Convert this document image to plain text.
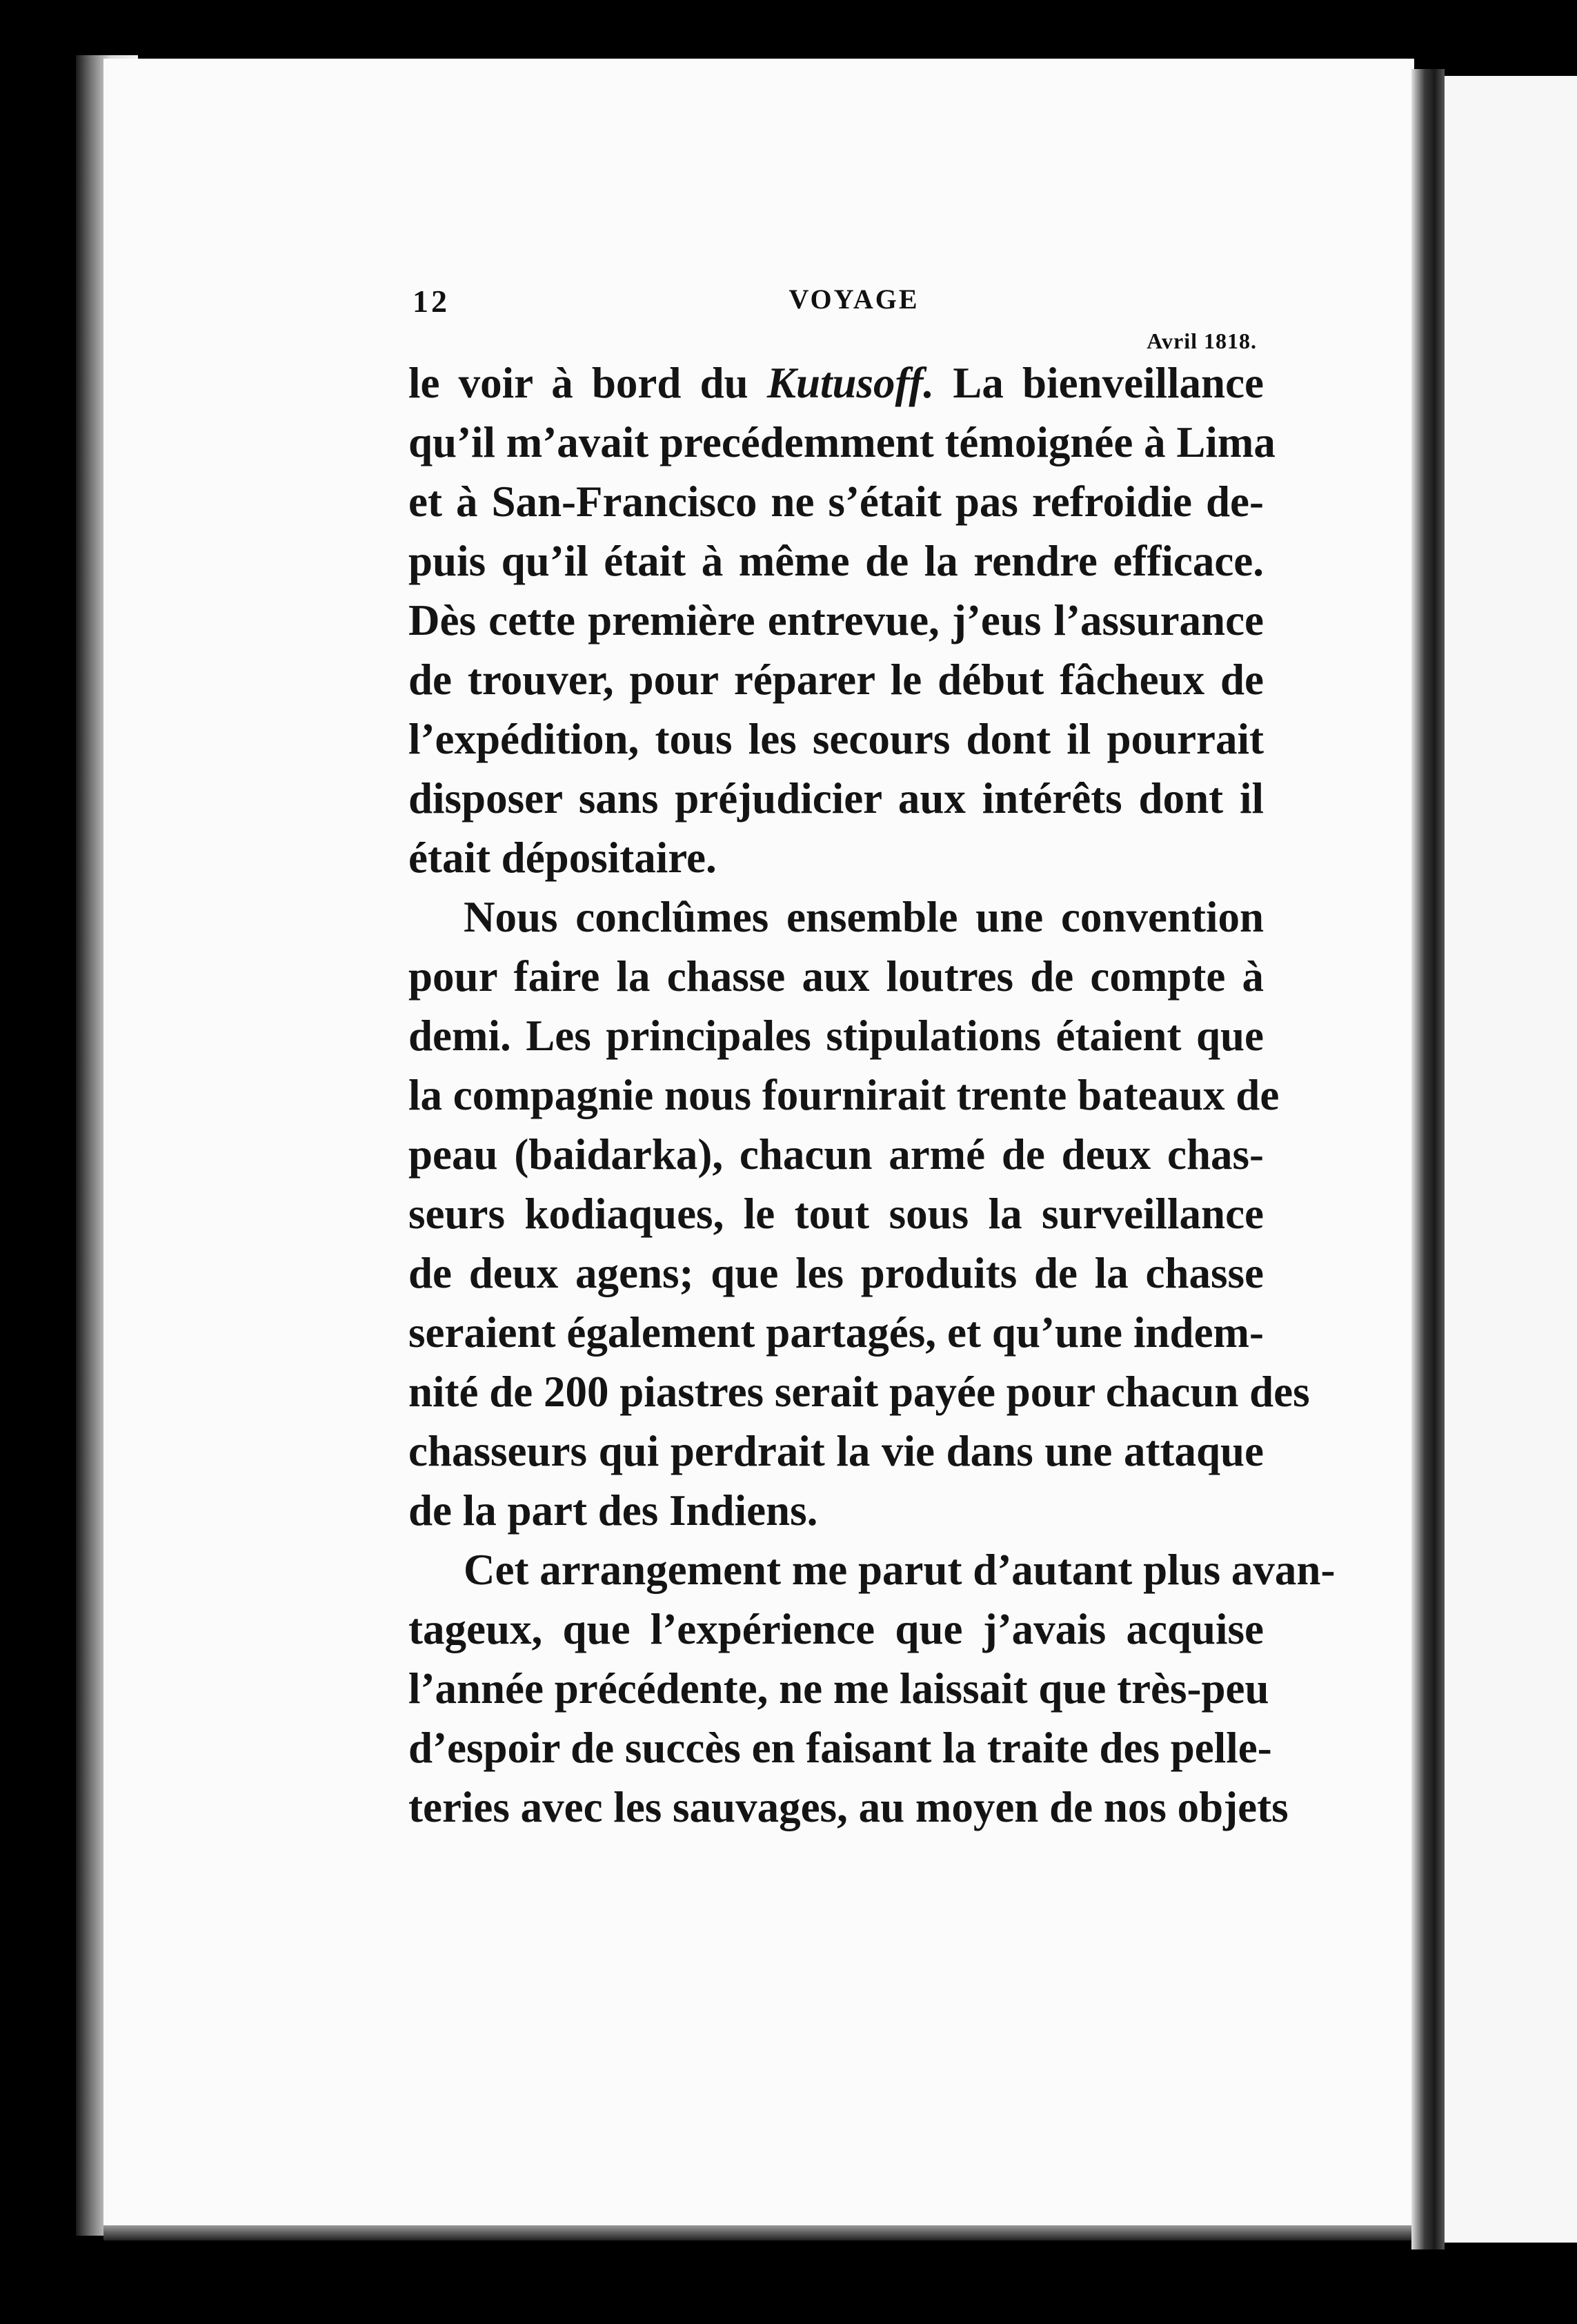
12	VOYAGE
Avril 1818.
le voir à bord du Kutusoff. La bienveillance
qu’il m’avait precédemment témoignée à Lima
et à San-Francisco ne s’était pas refroidie de-
puis qu’il était à même de la rendre efficace.
Dès cette première entrevue, j’eus l’assurance
de trouver, pour réparer le début fâcheux de
l’expédition, tous les secours dont il pourrait
disposer sans préjudicier aux intérêts dont il
était dépositaire.
Nous conclûmes ensemble une convention
pour faire la chasse aux loutres de compte à
demi. Les principales stipulations étaient que
la compagnie nous fournirait trente bateaux de
peau (baidarka), chacun armé de deux chas-
seurs kodiaques, le tout sous la surveillance
de deux agens; que les produits de la chasse
seraient également partagés, et qu’une indem-
nité de 200 piastres serait payée pour chacun des
chasseurs qui perdrait la vie dans une attaque
de la part des Indiens.
Cet arrangement me parut d’autant plus avan-
tageux, que l’expérience que j’avais acquise
l’année précédente, ne me laissait que très-peu
d’espoir de succès en faisant la traite des pelle-
teries avec les sauvages, au moyen de nos objets
